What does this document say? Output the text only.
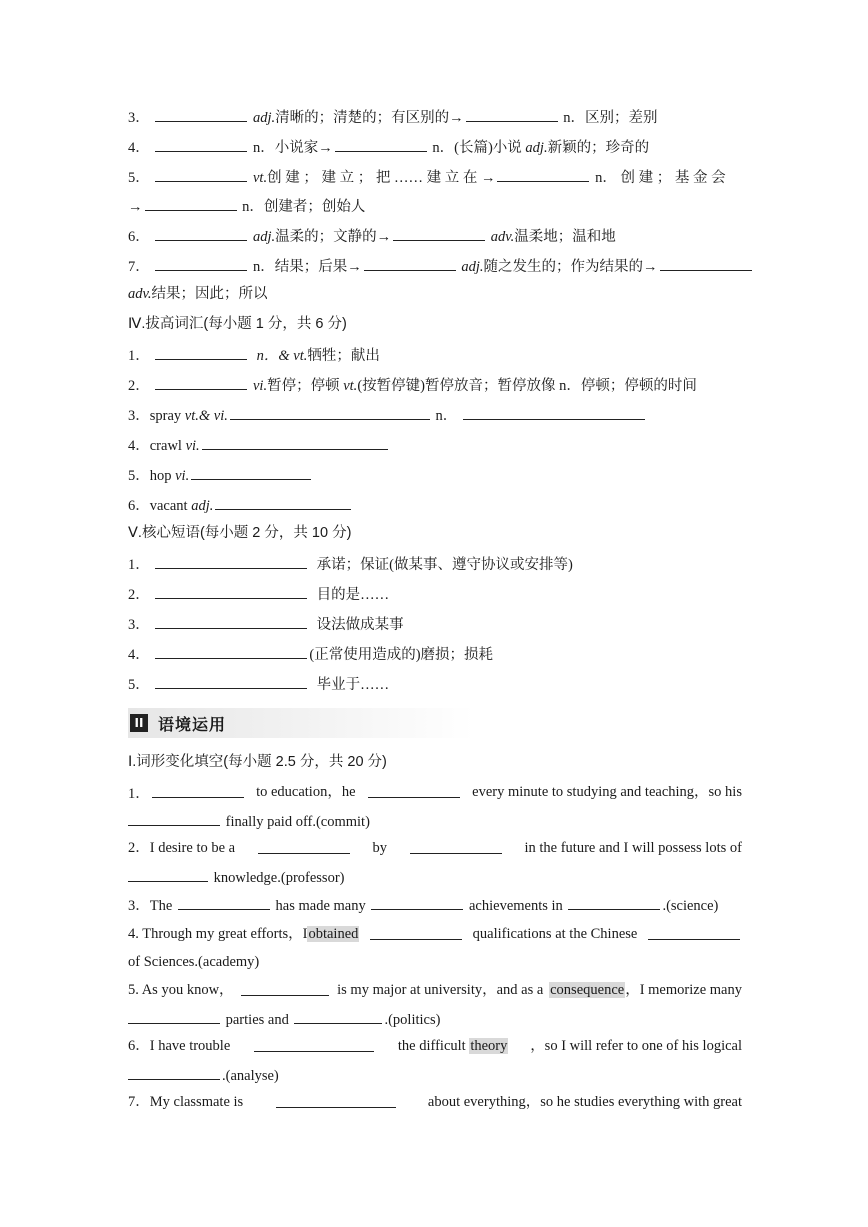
3．	adj.清晰的；清楚的；有区别的→	n．区别；差别
4．	n．小说家→	n．(长篇)小说 adj.新颖的；珍奇的
5．	vt.创 建 ； 建 立 ； 把 …… 建 立 在 →	n． 创 建 ； 基 金 会
→	n．创建者；创始人
6．	adj.温柔的；文静的→	adv.温柔地；温和地
7．	n．结果；后果→	adj.随之发生的；作为结果的→
adv.结果；因此；所以
Ⅳ.拔高词汇(每小题 1 分，共 6 分)
1．	n．& vt.牺牲；献出
2．	vi.暂停；停顿 vt.(按暂停键)暂停放音；暂停放像 n．停顿；停顿的时间
3．spray vt.& vi.	n．
4．crawl vi.
5．hop vi.
6．vacant adj.
Ⅴ.核心短语(每小题 2 分，共 10 分)
1．	承诺；保证(做某事、遵守协议或安排等)
2．	目的是……
3．	设法做成某事
4．	(正常使用造成的)磨损；损耗
5．	毕业于……
II 语境运用
Ⅰ.词形变化填空(每小题 2.5 分，共 20 分)
1．	to education，he	every minute to studying and teaching，so his
finally paid off.(commit)
2．I desire to be a	by	in the future and I will possess lots of
knowledge.(professor)
3．The	has made many	achievements in	.(science)
4. Through my great efforts，Iobtained	qualifications at the Chinese
of Sciences.(academy)
5. As you know，	is my major at university，and as a consequence，I memorize many
parties and	.(politics)
6．I have trouble	the difficult theory ，so I will refer to one of his logical
.(analyse)
7．My classmate is	about everything，so he studies everything with great
